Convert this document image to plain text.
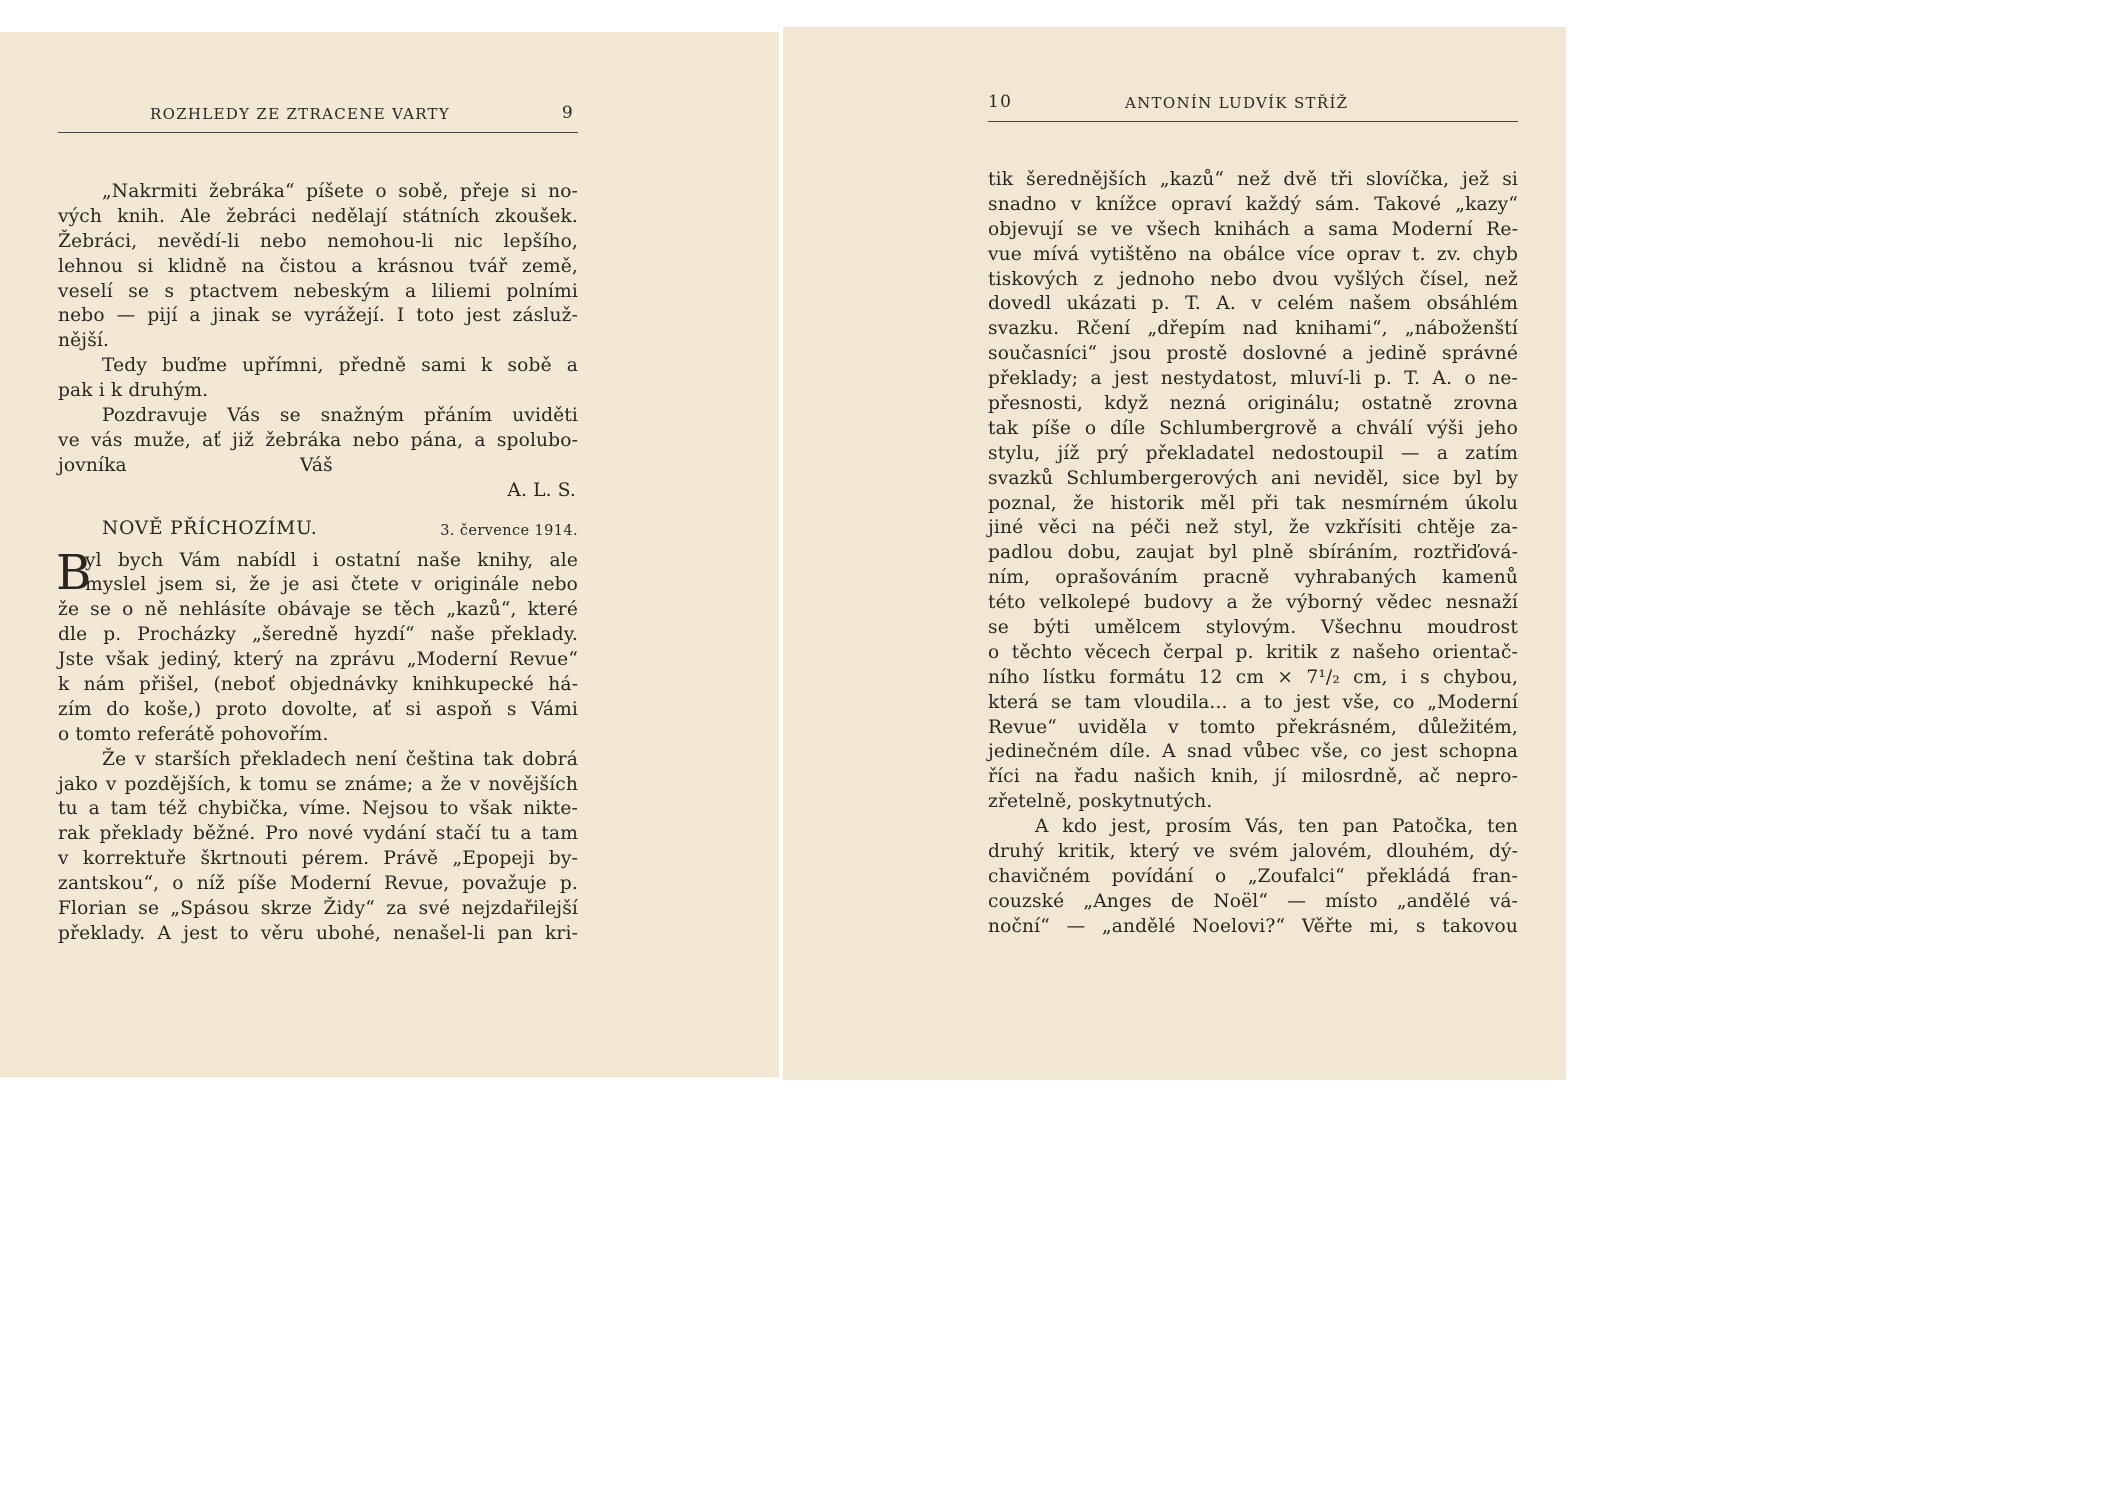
ROZHLEDY ZE ZTRACENE VARTY	9
„Nakrmiti žebráka“ píšete o sobě, přeje si no-
vých knih. Ale žebráci nedělají státních zkoušek.
Žebráci, nevědí-li nebo nemohou-li nic lepšího,
lehnou si klidně na čistou a krásnou tvář země,
veselí se s ptactvem nebeským a liliemi polními
nebo — pijí a jinak se vyrážejí. I toto jest zásluž-
nější.
Tedy buďme upřímni, předně sami k sobě a
pak i k druhým.
Pozdravuje Vás se snažným přáním uviděti
ve vás muže, ať již žebráka nebo pána, a spolubo-
jovníka	Váš
A. L. S.
NOVĚ PŘÍCHOZÍMU.	3. července 1914.
B
yl bych Vám nabídl i ostatní naše knihy, ale
myslel jsem si, že je asi čtete v originále nebo
že se o ně nehlásíte obávaje se těch „kazů“, které
dle p. Procházky „šeredně hyzdí“ naše překlady.
Jste však jediný, který na zprávu „Moderní Revue“
k nám přišel, (neboť objednávky knihkupecké há-
zím do koše,) proto dovolte, ať si aspoň s Vámi
o tomto referátě pohovořím.
Že v starších překladech není čeština tak dobrá
jako v pozdějších, k tomu se známe; a že v novějších
tu a tam též chybička, víme. Nejsou to však nikte-
rak překlady běžné. Pro nové vydání stačí tu a tam
v korrektuře škrtnouti pérem. Právě „Epopeji by-
zantskou“, o níž píše Moderní Revue, považuje p.
Florian se „Spásou skrze Židy“ za své nejzdařilejší
překlady. A jest to věru ubohé, nenašel-li pan kri-
10	ANTONÍN LUDVÍK STŘÍŽ
tik šerednějších „kazů“ než dvě tři slovíčka, jež si
snadno v knížce opraví každý sám. Takové „kazy“
objevují se ve všech knihách a sama Moderní Re-
vue mívá vytištěno na obálce více oprav t. zv. chyb
tiskových z jednoho nebo dvou vyšlých čísel, než
dovedl ukázati p. T. A. v celém našem obsáhlém
svazku. Rčení „dřepím nad knihami“, „náboženští
současníci“ jsou prostě doslovné a jedině správné
překlady; a jest nestydatost, mluví-li p. T. A. o ne-
přesnosti, když nezná originálu; ostatně zrovna
tak píše o díle Schlumbergrově a chválí výši jeho
stylu, jíž prý překladatel nedostoupil — a zatím
svazků Schlumbergerových ani neviděl, sice byl by
poznal, že historik měl při tak nesmírném úkolu
jiné věci na péči než styl, že vzkřísiti chtěje za-
padlou dobu, zaujat byl plně sbíráním, roztřiďová-
ním, oprašováním pracně vyhrabaných kamenů
této velkolepé budovy a že výborný vědec nesnaží
se býti umělcem stylovým. Všechnu moudrost
o těchto věcech čerpal p. kritik z našeho orientač-
ního lístku formátu 12 cm × 7¹/₂ cm, i s chybou,
která se tam vloudila... a to jest vše, co „Moderní
Revue“ uviděla v tomto překrásném, důležitém,
jedinečném díle. A snad vůbec vše, co jest schopna
říci na řadu našich knih, jí milosrdně, ač nepro-
zřetelně, poskytnutých.
A kdo jest, prosím Vás, ten pan Patočka, ten
druhý kritik, který ve svém jalovém, dlouhém, dý-
chavičném povídání o „Zoufalci“ překládá fran-
couzské „Anges de Noël“ — místo „andělé vá-
noční“ — „andělé Noelovi?“ Věřte mi, s takovou
